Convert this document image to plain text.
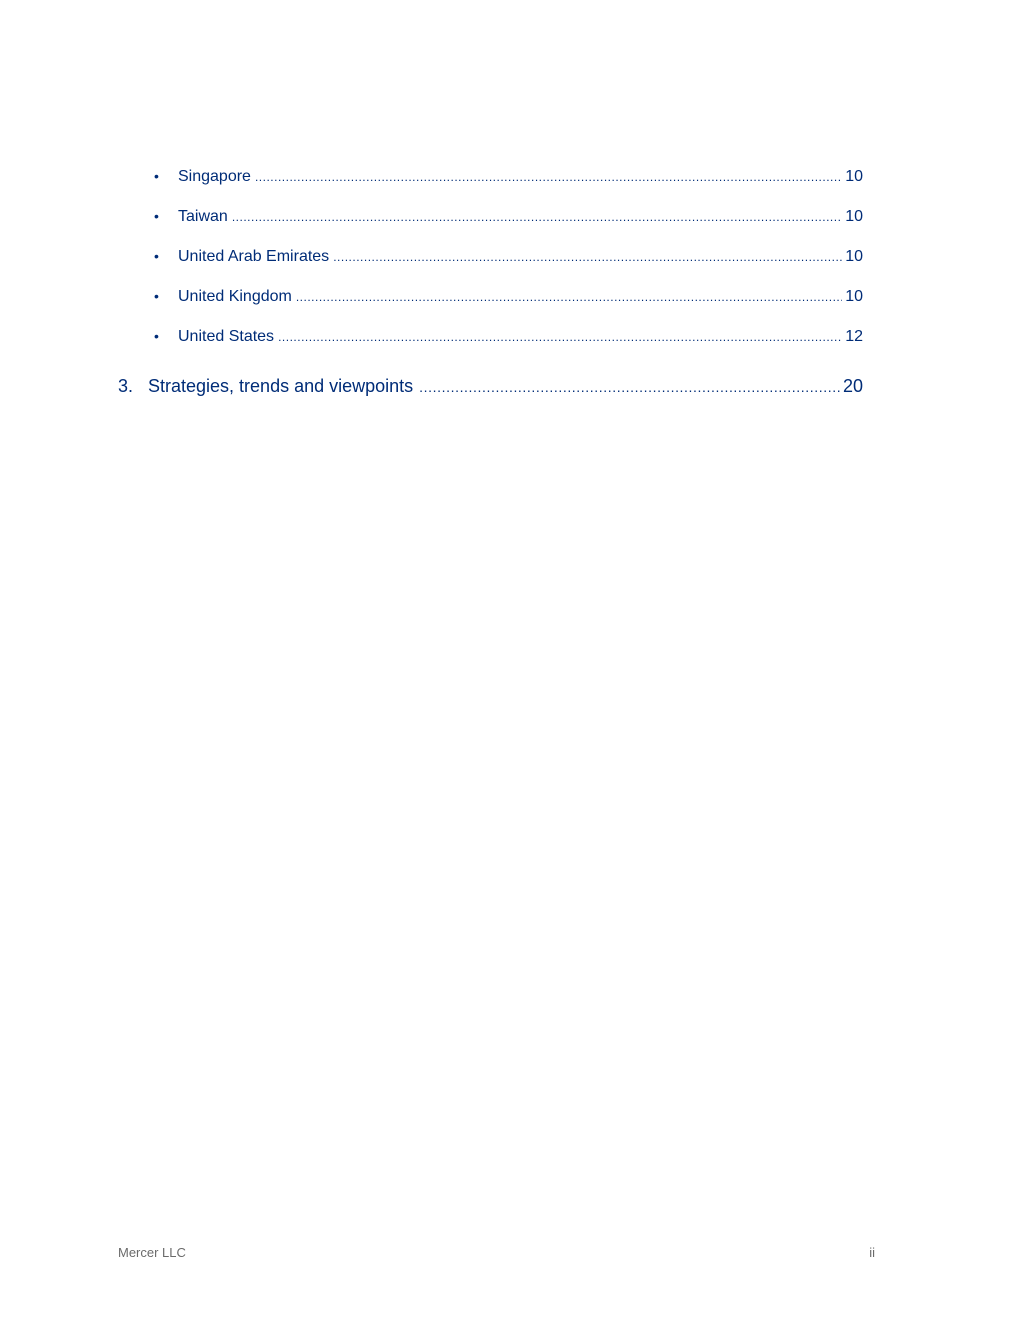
•	Singapore .....	10
•	Taiwan .....	10
•	United Arab Emirates .....	10
•	United Kingdom .....	10
•	United States .....	12
3. Strategies, trends and viewpoints .....	20
Mercer LLC	ii
